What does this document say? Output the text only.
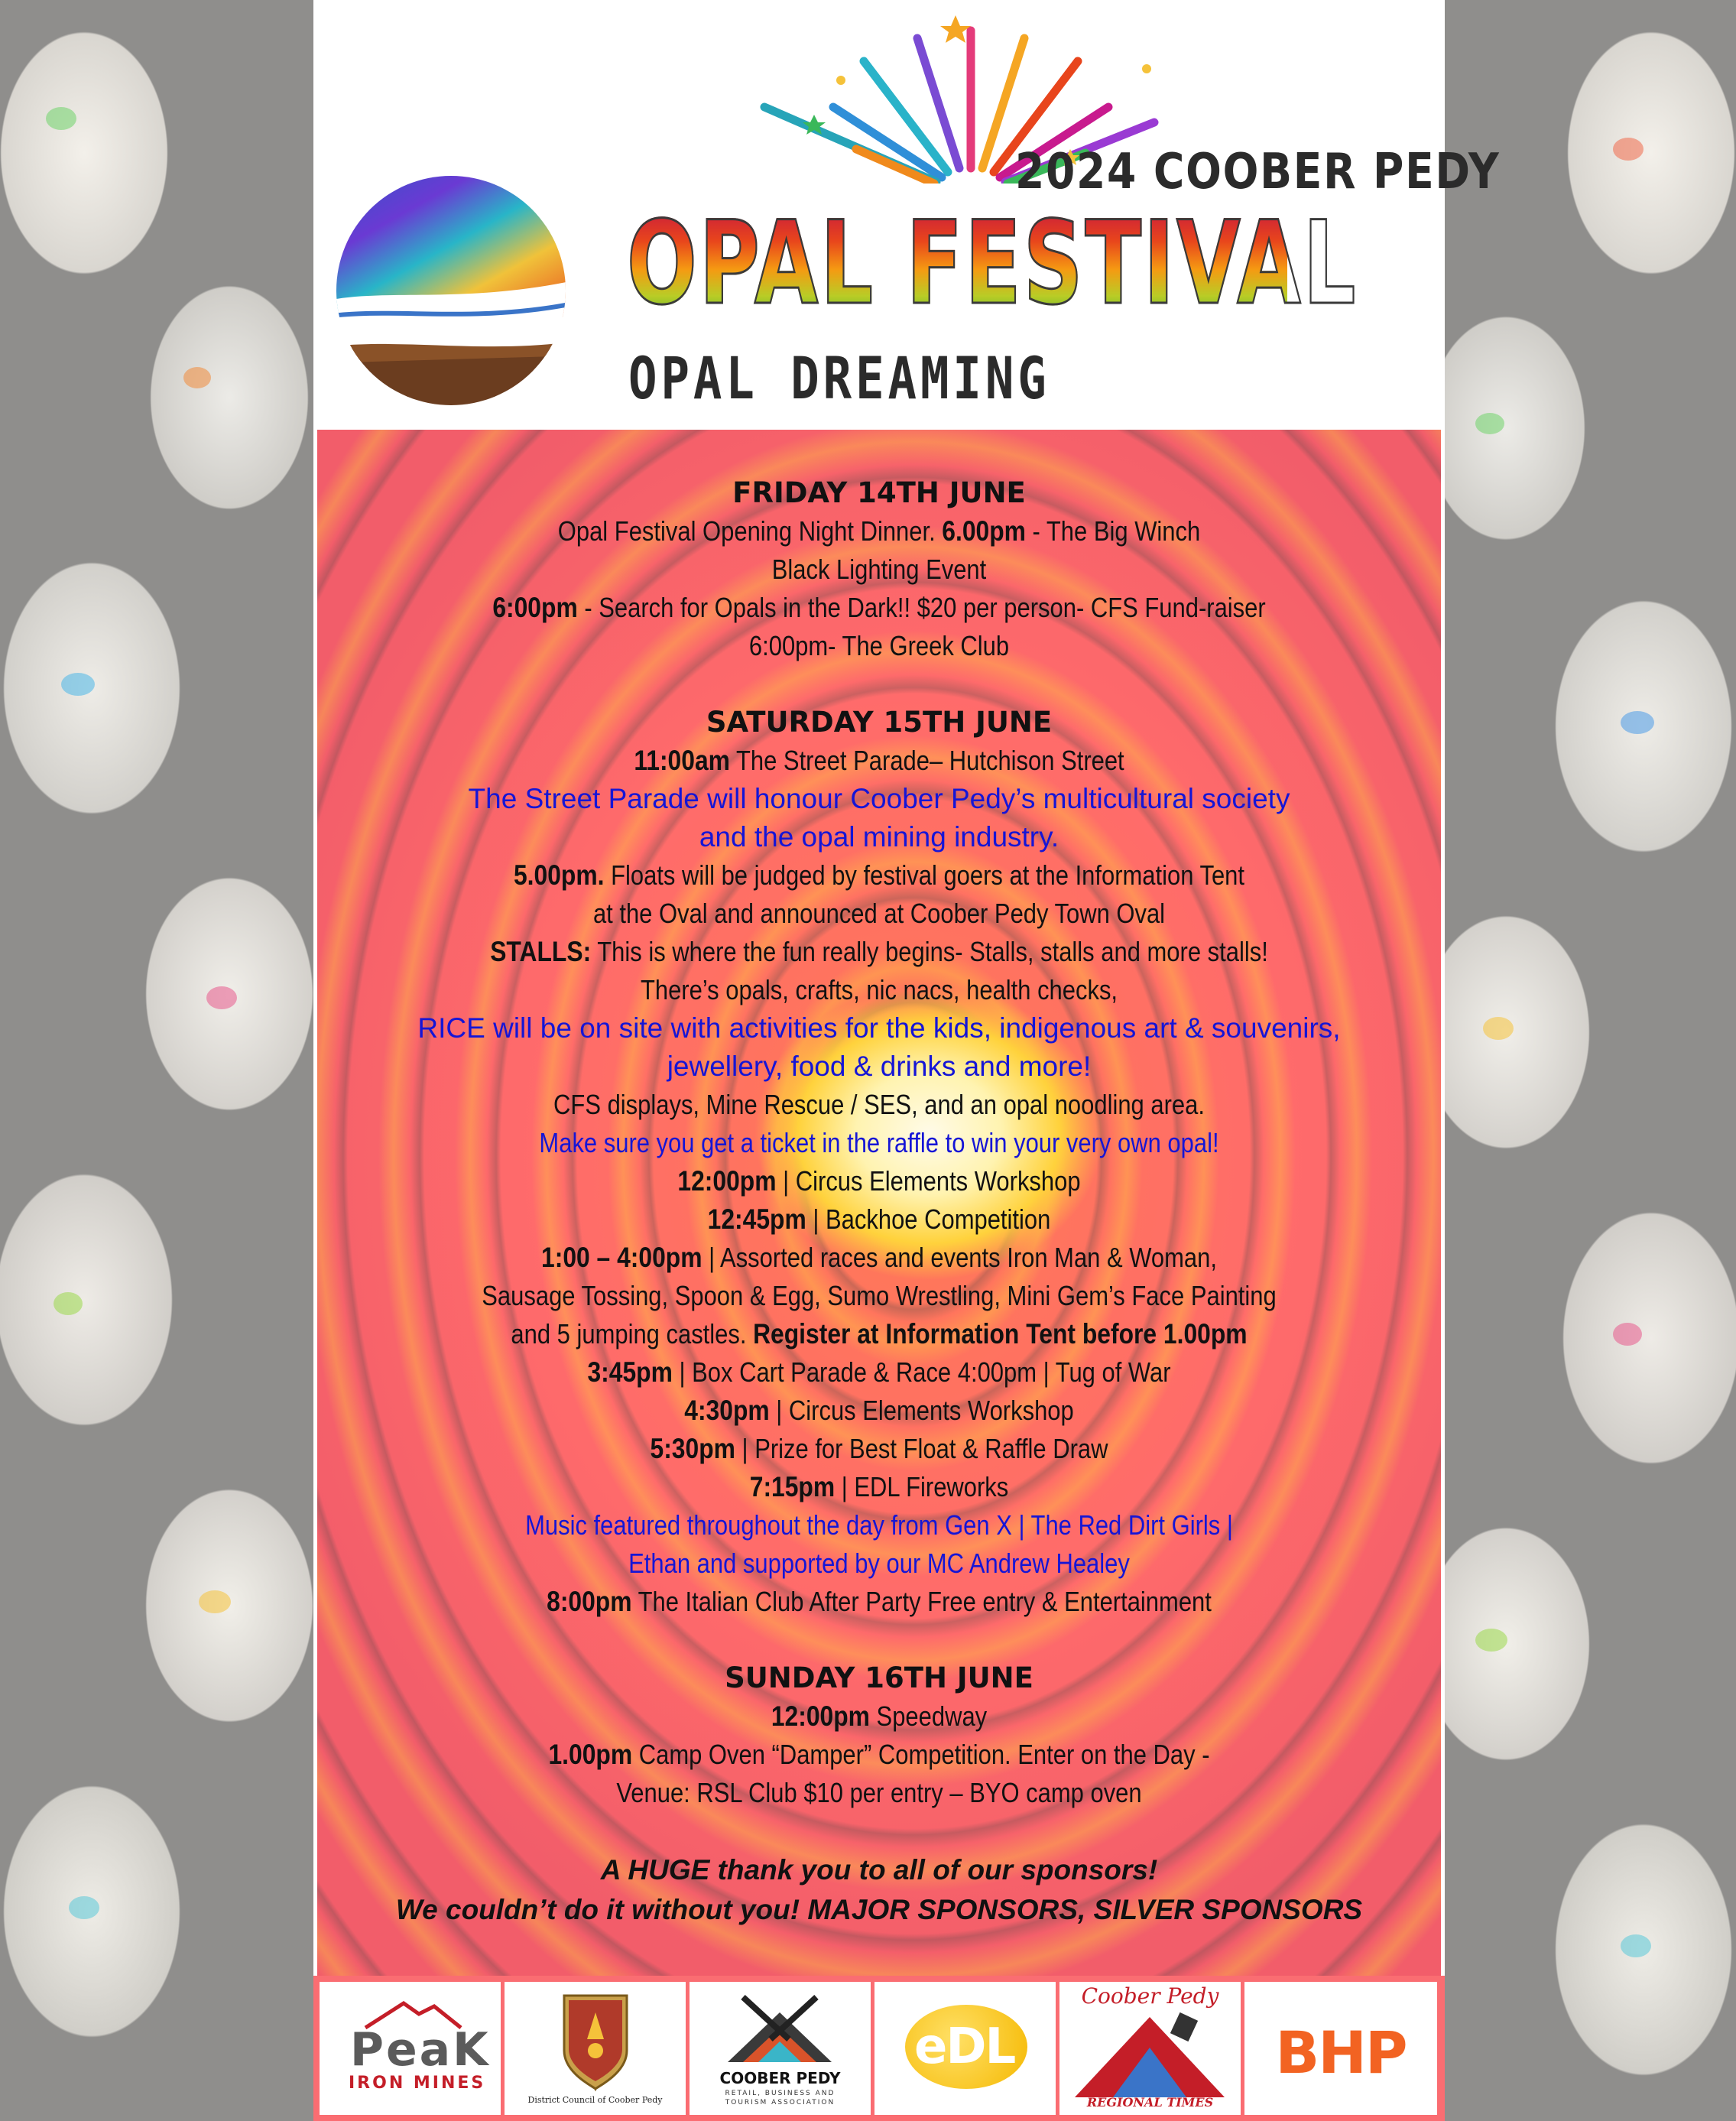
2024 COOBER PEDY
OPAL FESTIVAL
OPAL DREAMING
FRIDAY 14TH JUNE
Opal Festival Opening Night Dinner. 6.00pm - The Big Winch
Black Lighting Event
6:00pm - Search for Opals in the Dark!! $20 per person- CFS Fund-raiser
6:00pm- The Greek Club
SATURDAY 15TH JUNE
11:00am The Street Parade– Hutchison Street
The Street Parade will honour Coober Pedy’s multicultural society
and the opal mining industry.
5.00pm. Floats will be judged by festival goers at the Information Tent
at the Oval and announced at Coober Pedy Town Oval
STALLS: This is where the fun really begins- Stalls, stalls and more stalls!
There’s opals, crafts, nic nacs, health checks,
RICE will be on site with activities for the kids, indigenous art & souvenirs,
jewellery, food & drinks and more!
CFS displays, Mine Rescue / SES, and an opal noodling area.
Make sure you get a ticket in the raffle to win your very own opal!
12:00pm | Circus Elements Workshop
12:45pm | Backhoe Competition
1:00 – 4:00pm | Assorted races and events Iron Man & Woman,
Sausage Tossing, Spoon & Egg, Sumo Wrestling, Mini Gem’s Face Painting
and 5 jumping castles. Register at Information Tent before 1.00pm
3:45pm | Box Cart Parade & Race 4:00pm | Tug of War
4:30pm | Circus Elements Workshop
5:30pm | Prize for Best Float & Raffle Draw
7:15pm | EDL Fireworks
Music featured throughout the day from Gen X | The Red Dirt Girls |
Ethan and supported by our MC Andrew Healey
8:00pm The Italian Club After Party Free entry & Entertainment
SUNDAY 16TH JUNE
12:00pm Speedway
1.00pm Camp Oven “Damper” Competition. Enter on the Day -
Venue: RSL Club $10 per entry – BYO camp oven
A HUGE thank you to all of our sponsors!
We couldn’t do it without you! MAJOR SPONSORS, SILVER SPONSORS
PeaK
IRON MINES
District Council of Coober Pedy
COOBER PEDY
RETAIL, BUSINESS AND
TOURISM ASSOCIATION
eDL
Coober Pedy
REGIONAL TIMES
BHP
